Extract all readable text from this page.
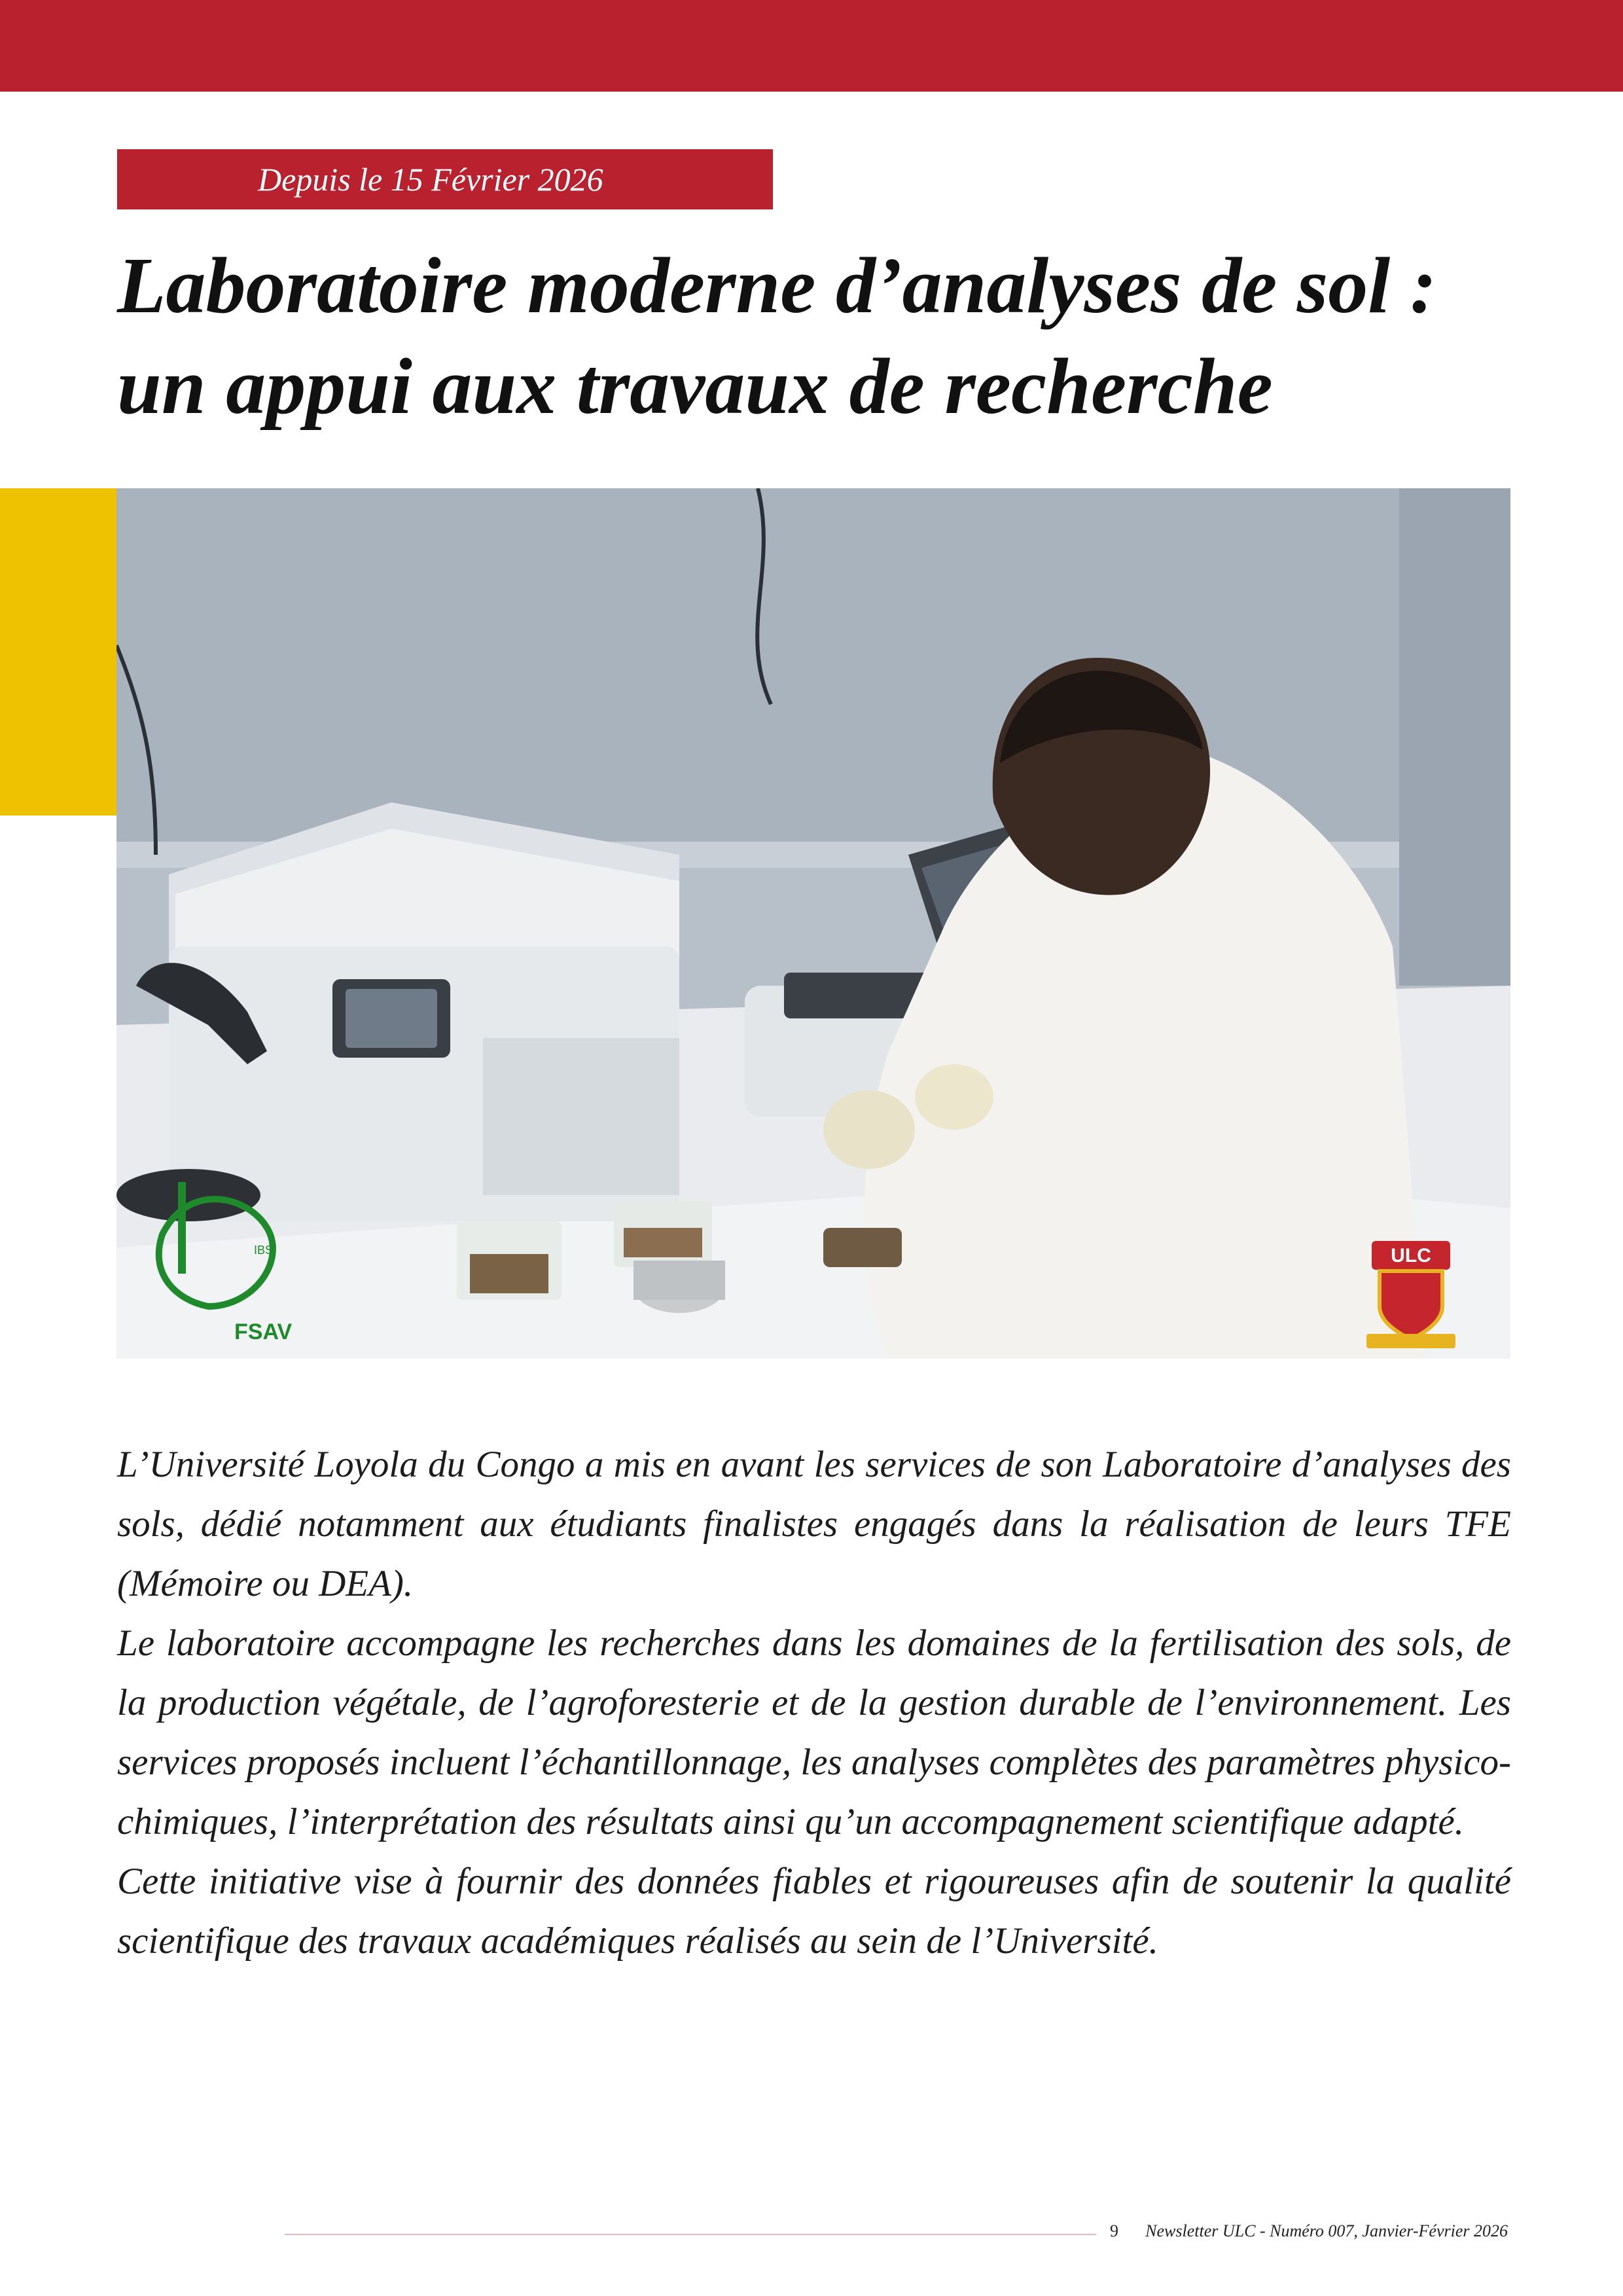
Depuis le 15 Février 2026
Laboratoire moderne d’analyses de sol :
un appui aux travaux de recherche
FSAV
IBS	ULC

L’Université Loyola du Congo a mis en avant les services de son Laboratoire d’analyses des sols, dédié notamment aux étudiants finalistes engagés dans la réalisation de leurs TFE (Mémoire ou DEA).

Le laboratoire accompagne les recherches dans les domaines de la fertilisation des sols, de la production végétale, de l’agroforesterie et de la gestion durable de l’environnement. Les services proposés incluent l’échantillonnage, les analyses complètes des paramètres physico-chimiques, l’interprétation des résultats ainsi qu’un accompagnement scientifique adapté.

Cette initiative vise à fournir des données fiables et rigoureuses afin de soutenir la qualité scientifique des travaux académiques réalisés au sein de l’Université.

9 Newsletter ULC - Numéro 007, Janvier-Février 2026
